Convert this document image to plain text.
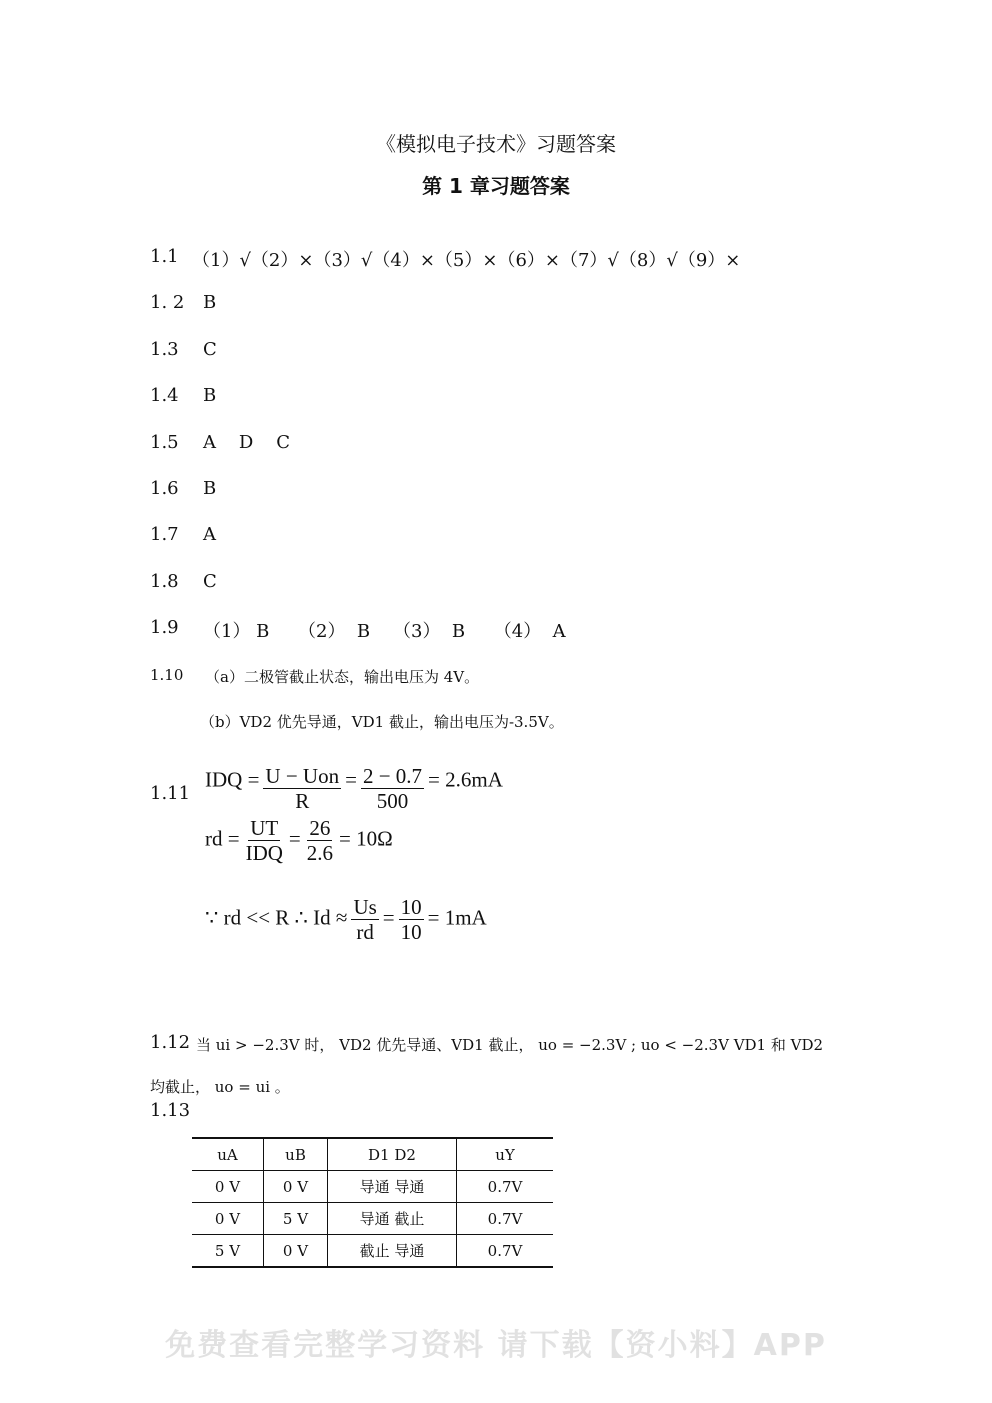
免费查看完整学习资料 请下载【资小料】APP
《模拟电子技术》习题答案
第 1 章习题答案
1.1 （1）√（2）×（3）√（4）×（5）×（6）×（7）√（8）√（9）×
1. 2 B
1.3 C
1.4 B
1.5 A    D    C
1.6 B
1.7 A
1.8 C
1.9 （1） B     （2）  B    （3）  B     （4）  A
1.10 （a）二极管截止状态，输出电压为 4V。
（b）VD2 优先导通，VD1 截止，输出电压为-3.5V。
1.11
IDQ = $\frac{\text{U − Uon}}{R} = \frac{2 - 0.7}{500} = 2.6mA$
rd = $\frac{UT}{\text{IDQ}} = \frac{26}{2.6} = 10\Omega$
∵ rd << R ∴ $Id \approx \frac{Us}{rd} = \frac{10}{10} = 1mA$
1.12 当 ui > −2.3V 时， VD2 优先导通、VD1 截止， uo = −2.3V ; uo < −2.3V VD1 和 VD2
均截止， uo = ui 。
1.13
uA	uB	D1 D2	uY
0 V	0 V	导通 导通	0.7V
0 V	5 V	导通 截止	0.7V
5 V	0 V	截止 导通	0.7V
